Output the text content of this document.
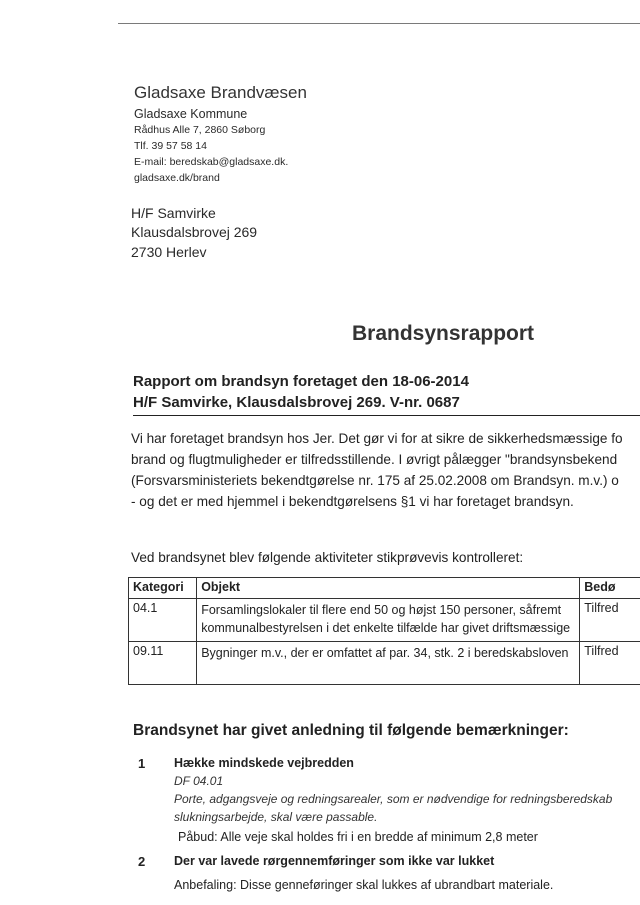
Gladsaxe Brandvæsen
Gladsaxe Kommune
Rådhus Alle 7, 2860 Søborg
Tlf. 39 57 58 14
E-mail: beredskab@gladsaxe.dk.
gladsaxe.dk/brand
H/F Samvirke
Klausdalsbrovej 269
2730 Herlev
Brandsynsrapport
Rapport om brandsyn foretaget den 18-06-2014
H/F Samvirke, Klausdalsbrovej 269. V-nr. 0687
Vi har foretaget brandsyn hos Jer. Det gør vi for at sikre de sikkerhedsmæssige fo
brand og flugtmuligheder er tilfredsstillende. I øvrigt pålægger "brandsynsbekend
(Forsvarsministeriets bekendtgørelse nr. 175 af 25.02.2008 om Brandsyn. m.v.) o
- og det er med hjemmel i bekendtgørelsens §1 vi har foretaget brandsyn.
Ved brandsynet blev følgende aktiviteter stikprøvevis kontrolleret:
Kategori	Objekt	Bedø
04.1	Forsamlingslokaler til flere end 50 og højst 150 personer, såfremt kommunalbestyrelsen i det enkelte tilfælde har givet driftsmæssige	Tilfred
09.11	Bygninger m.v., der er omfattet af par. 34, stk. 2 i beredskabsloven	Tilfred
Brandsynet har givet anledning til følgende bemærkninger:
1 Hække mindskede vejbredden
DF 04.01
Porte, adgangsveje og redningsarealer, som er nødvendige for redningsberedskab
slukningsarbejde, skal være passable.
Påbud: Alle veje skal holdes fri i en bredde af minimum 2,8 meter
2 Der var lavede rørgennemføringer som ikke var lukket
Anbefaling: Disse genneføringer skal lukkes af ubrandbart materiale.
